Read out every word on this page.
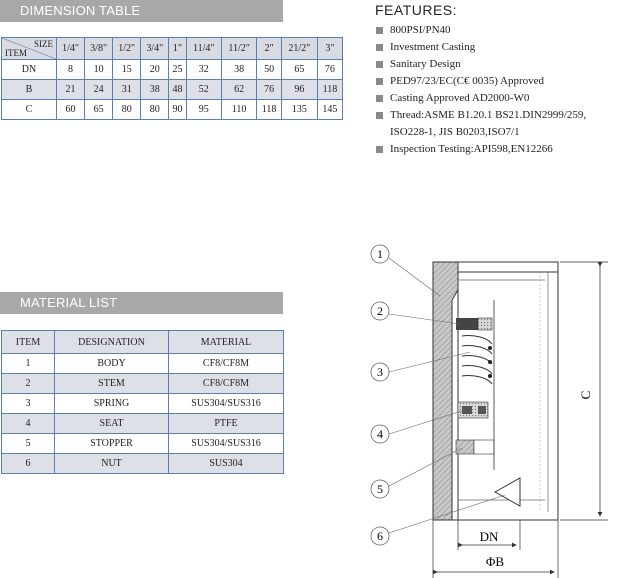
DIMENSION TABLE
SIZE
ITEM	1/4"	3/8"	1/2"	3/4"	1"	11/4"	11/2"	2"	21/2"	3"
DN	8	10	15	20	25	32	38	50	65	76
B	21	24	31	38	48	52	62	76	96	118
C	60	65	80	80	90	95	110	118	135	145
FEATURES:
800PSI/PN40
Investment Casting
Sanitary Design
PED97/23/EC(C€ 0035) Approved
Casting Approved AD2000-W0
Thread:ASME B1.20.1 BS21.DIN2999/259,
ISO228-1, JIS B0203,ISO7/1
Inspection Testing:API598,EN12266
MATERIAL LIST
ITEM	DESIGNATION	MATERIAL
1	BODY	CF8/CF8M
2	STEM	CF8/CF8M
3	SPRING	SUS304/SUS316
4	SEAT	PTFE
5	STOPPER	SUS304/SUS316
6	NUT	SUS304
C
DN
ΦB
1
2
3
4
5
6
